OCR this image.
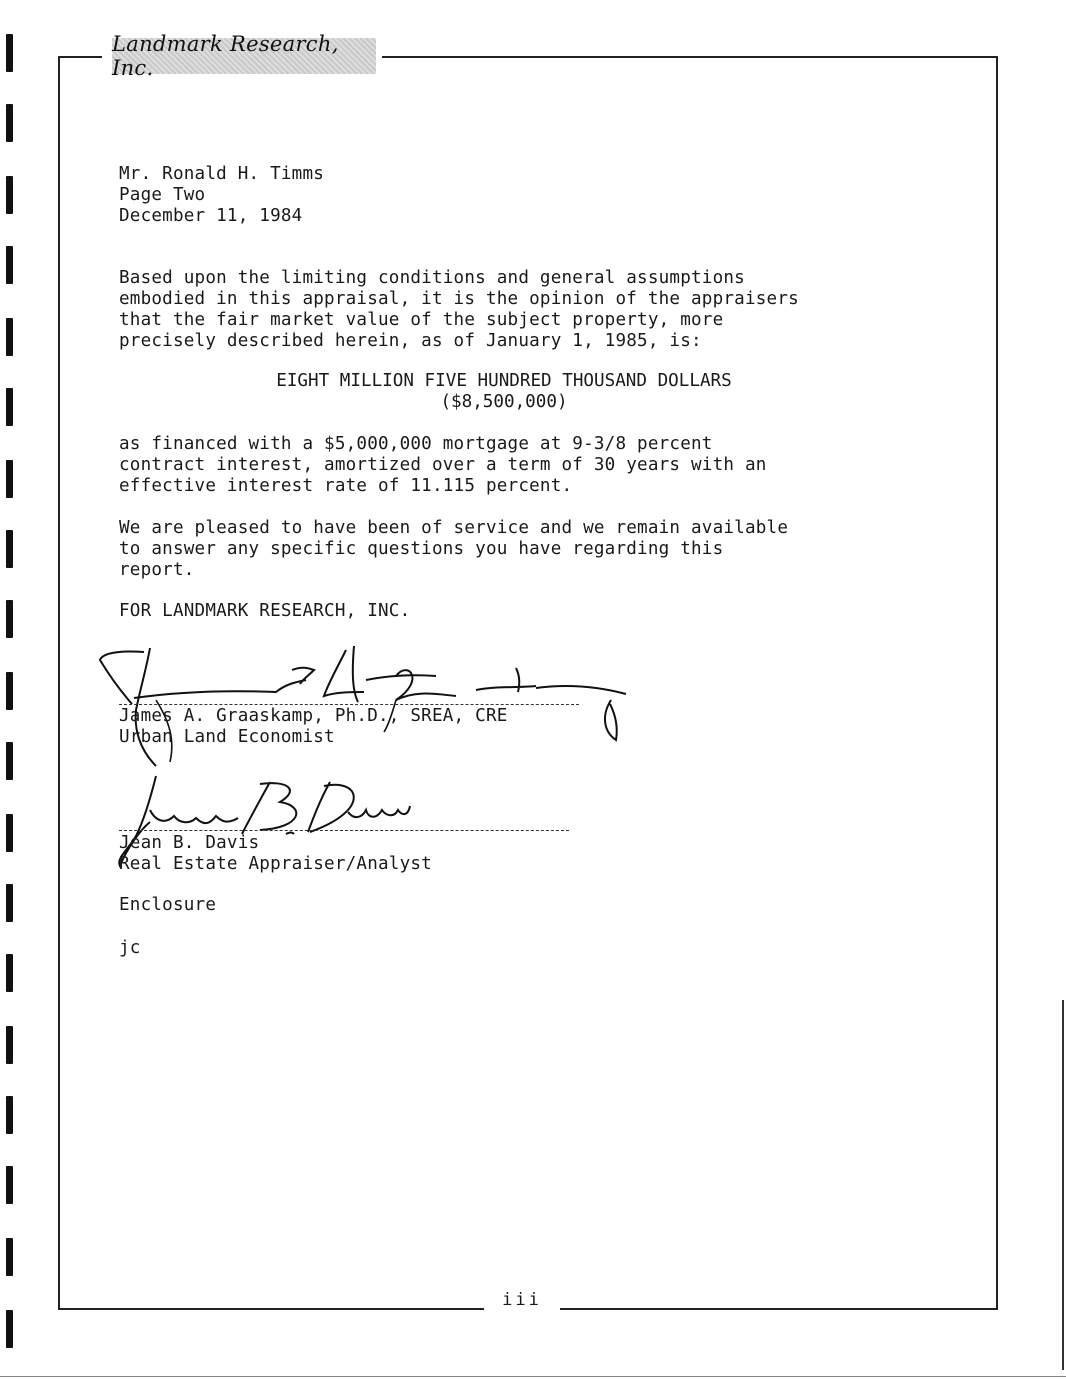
Landmark Research, Inc.
iii
Mr. Ronald H. Timms
Page Two
December 11, 1984
Based upon the limiting conditions and general assumptions
embodied in this appraisal, it is the opinion of the appraisers
that the fair market value of the subject property, more
precisely described herein, as of January 1, 1985, is:
EIGHT MILLION FIVE HUNDRED THOUSAND DOLLARS
($8,500,000)
as financed with a $5,000,000 mortgage at 9-3/8 percent
contract interest, amortized over a term of 30 years with an
effective interest rate of 11.115 percent.
We are pleased to have been of service and we remain available
to answer any specific questions you have regarding this
report.
FOR LANDMARK RESEARCH, INC.
James A. Graaskamp, Ph.D., SREA, CRE
Urban Land Economist
Jean B. Davis
Real Estate Appraiser/Analyst
Enclosure
jc
